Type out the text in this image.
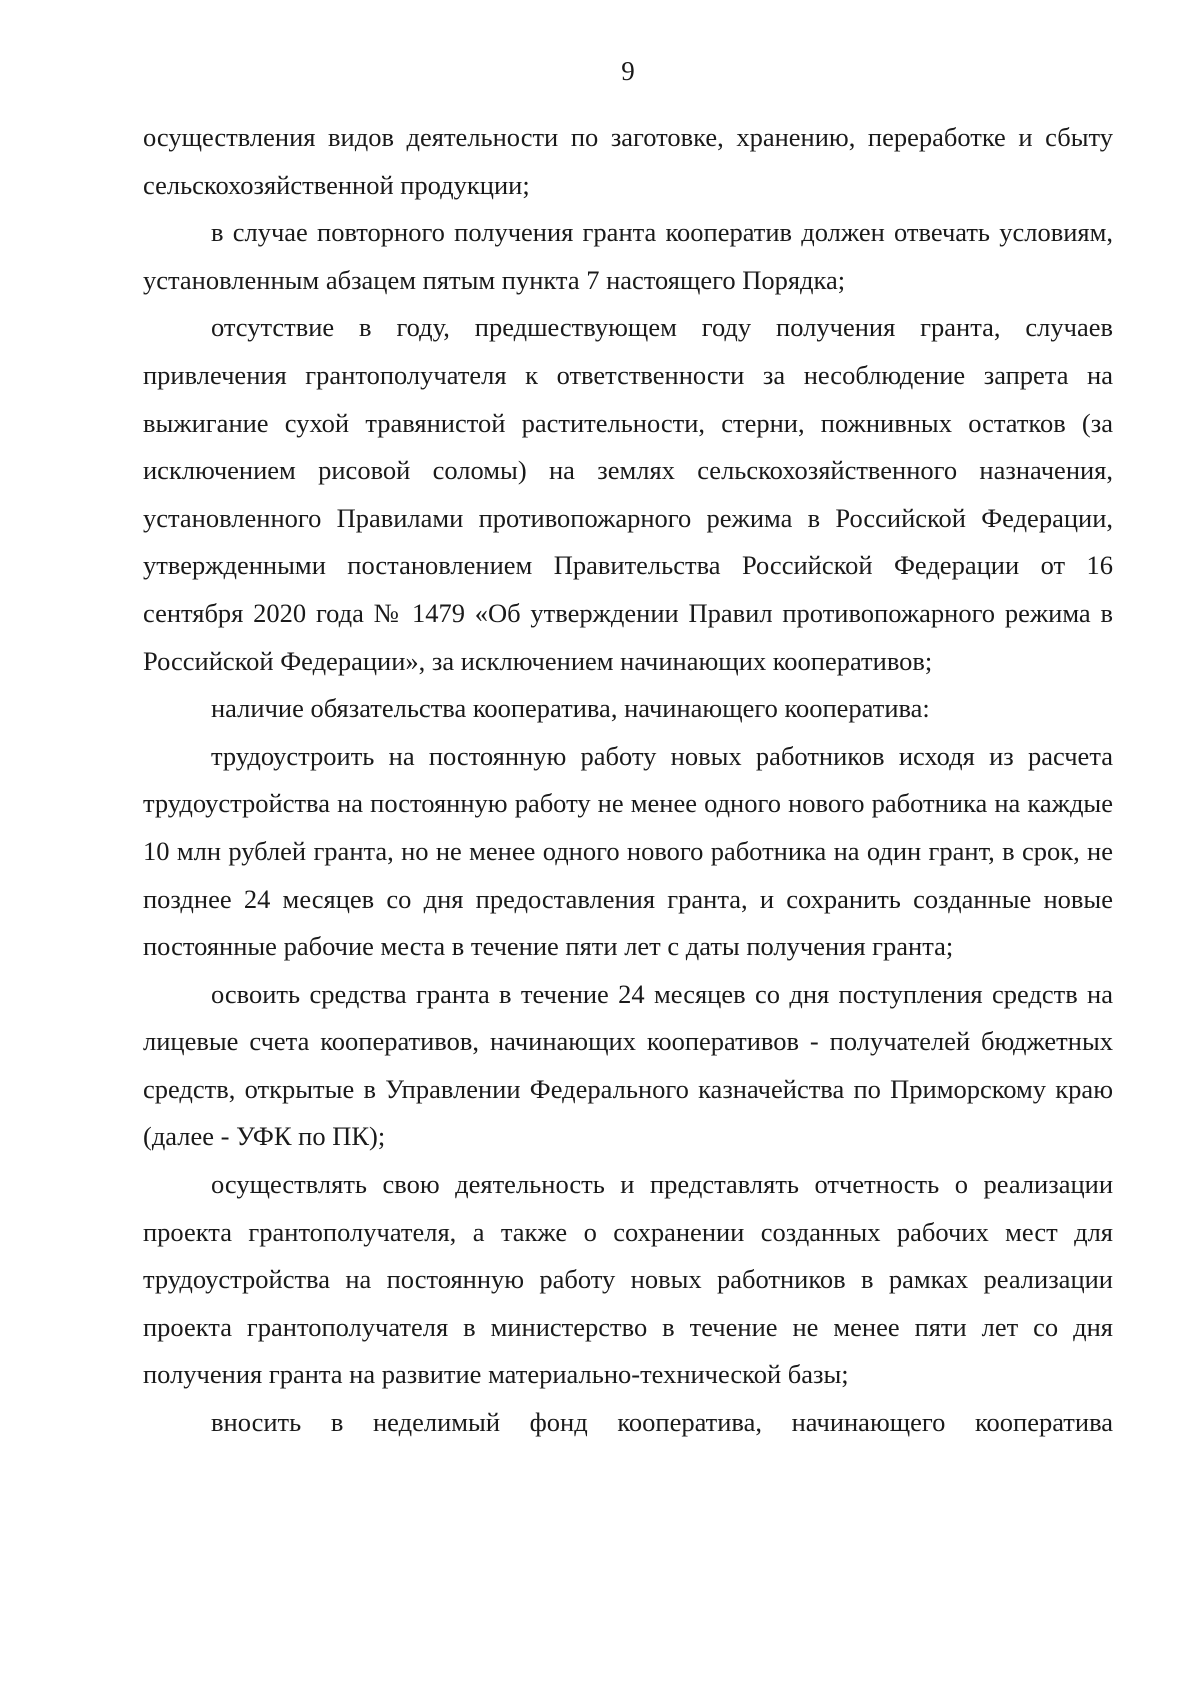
9

осуществления видов деятельности по заготовке, хранению, переработке и сбыту сельскохозяйственной продукции;

в случае повторного получения гранта кооператив должен отвечать условиям, установленным абзацем пятым пункта 7 настоящего Порядка;

отсутствие в году, предшествующем году получения гранта, случаев привлечения грантополучателя к ответственности за несоблюдение запрета на выжигание сухой травянистой растительности, стерни, пожнивных остатков (за исключением рисовой соломы) на землях сельскохозяйственного назначения, установленного Правилами противопожарного режима в Российской Федерации, утвержденными постановлением Правительства Российской Федерации от 16 сентября 2020 года № 1479 «Об утверждении Правил противопожарного режима в Российской Федерации», за исключением начинающих кооперативов;

наличие обязательства кооператива, начинающего кооператива:

трудоустроить на постоянную работу новых работников исходя из расчета трудоустройства на постоянную работу не менее одного нового работника на каждые 10 млн рублей гранта, но не менее одного нового работника на один грант, в срок, не позднее 24 месяцев со дня предоставления гранта, и сохранить созданные новые постоянные рабочие места в течение пяти лет с даты получения гранта;

освоить средства гранта в течение 24 месяцев со дня поступления средств на лицевые счета кооперативов, начинающих кооперативов - получателей бюджетных средств, открытые в Управлении Федерального казначейства по Приморскому краю (далее - УФК по ПК);

осуществлять свою деятельность и представлять отчетность о реализации проекта грантополучателя, а также о сохранении созданных рабочих мест для трудоустройства на постоянную работу новых работников в рамках реализации проекта грантополучателя в министерство в течение не менее пяти лет со дня получения гранта на развитие материально-технической базы;

вносить в неделимый фонд кооператива, начинающего кооператива
